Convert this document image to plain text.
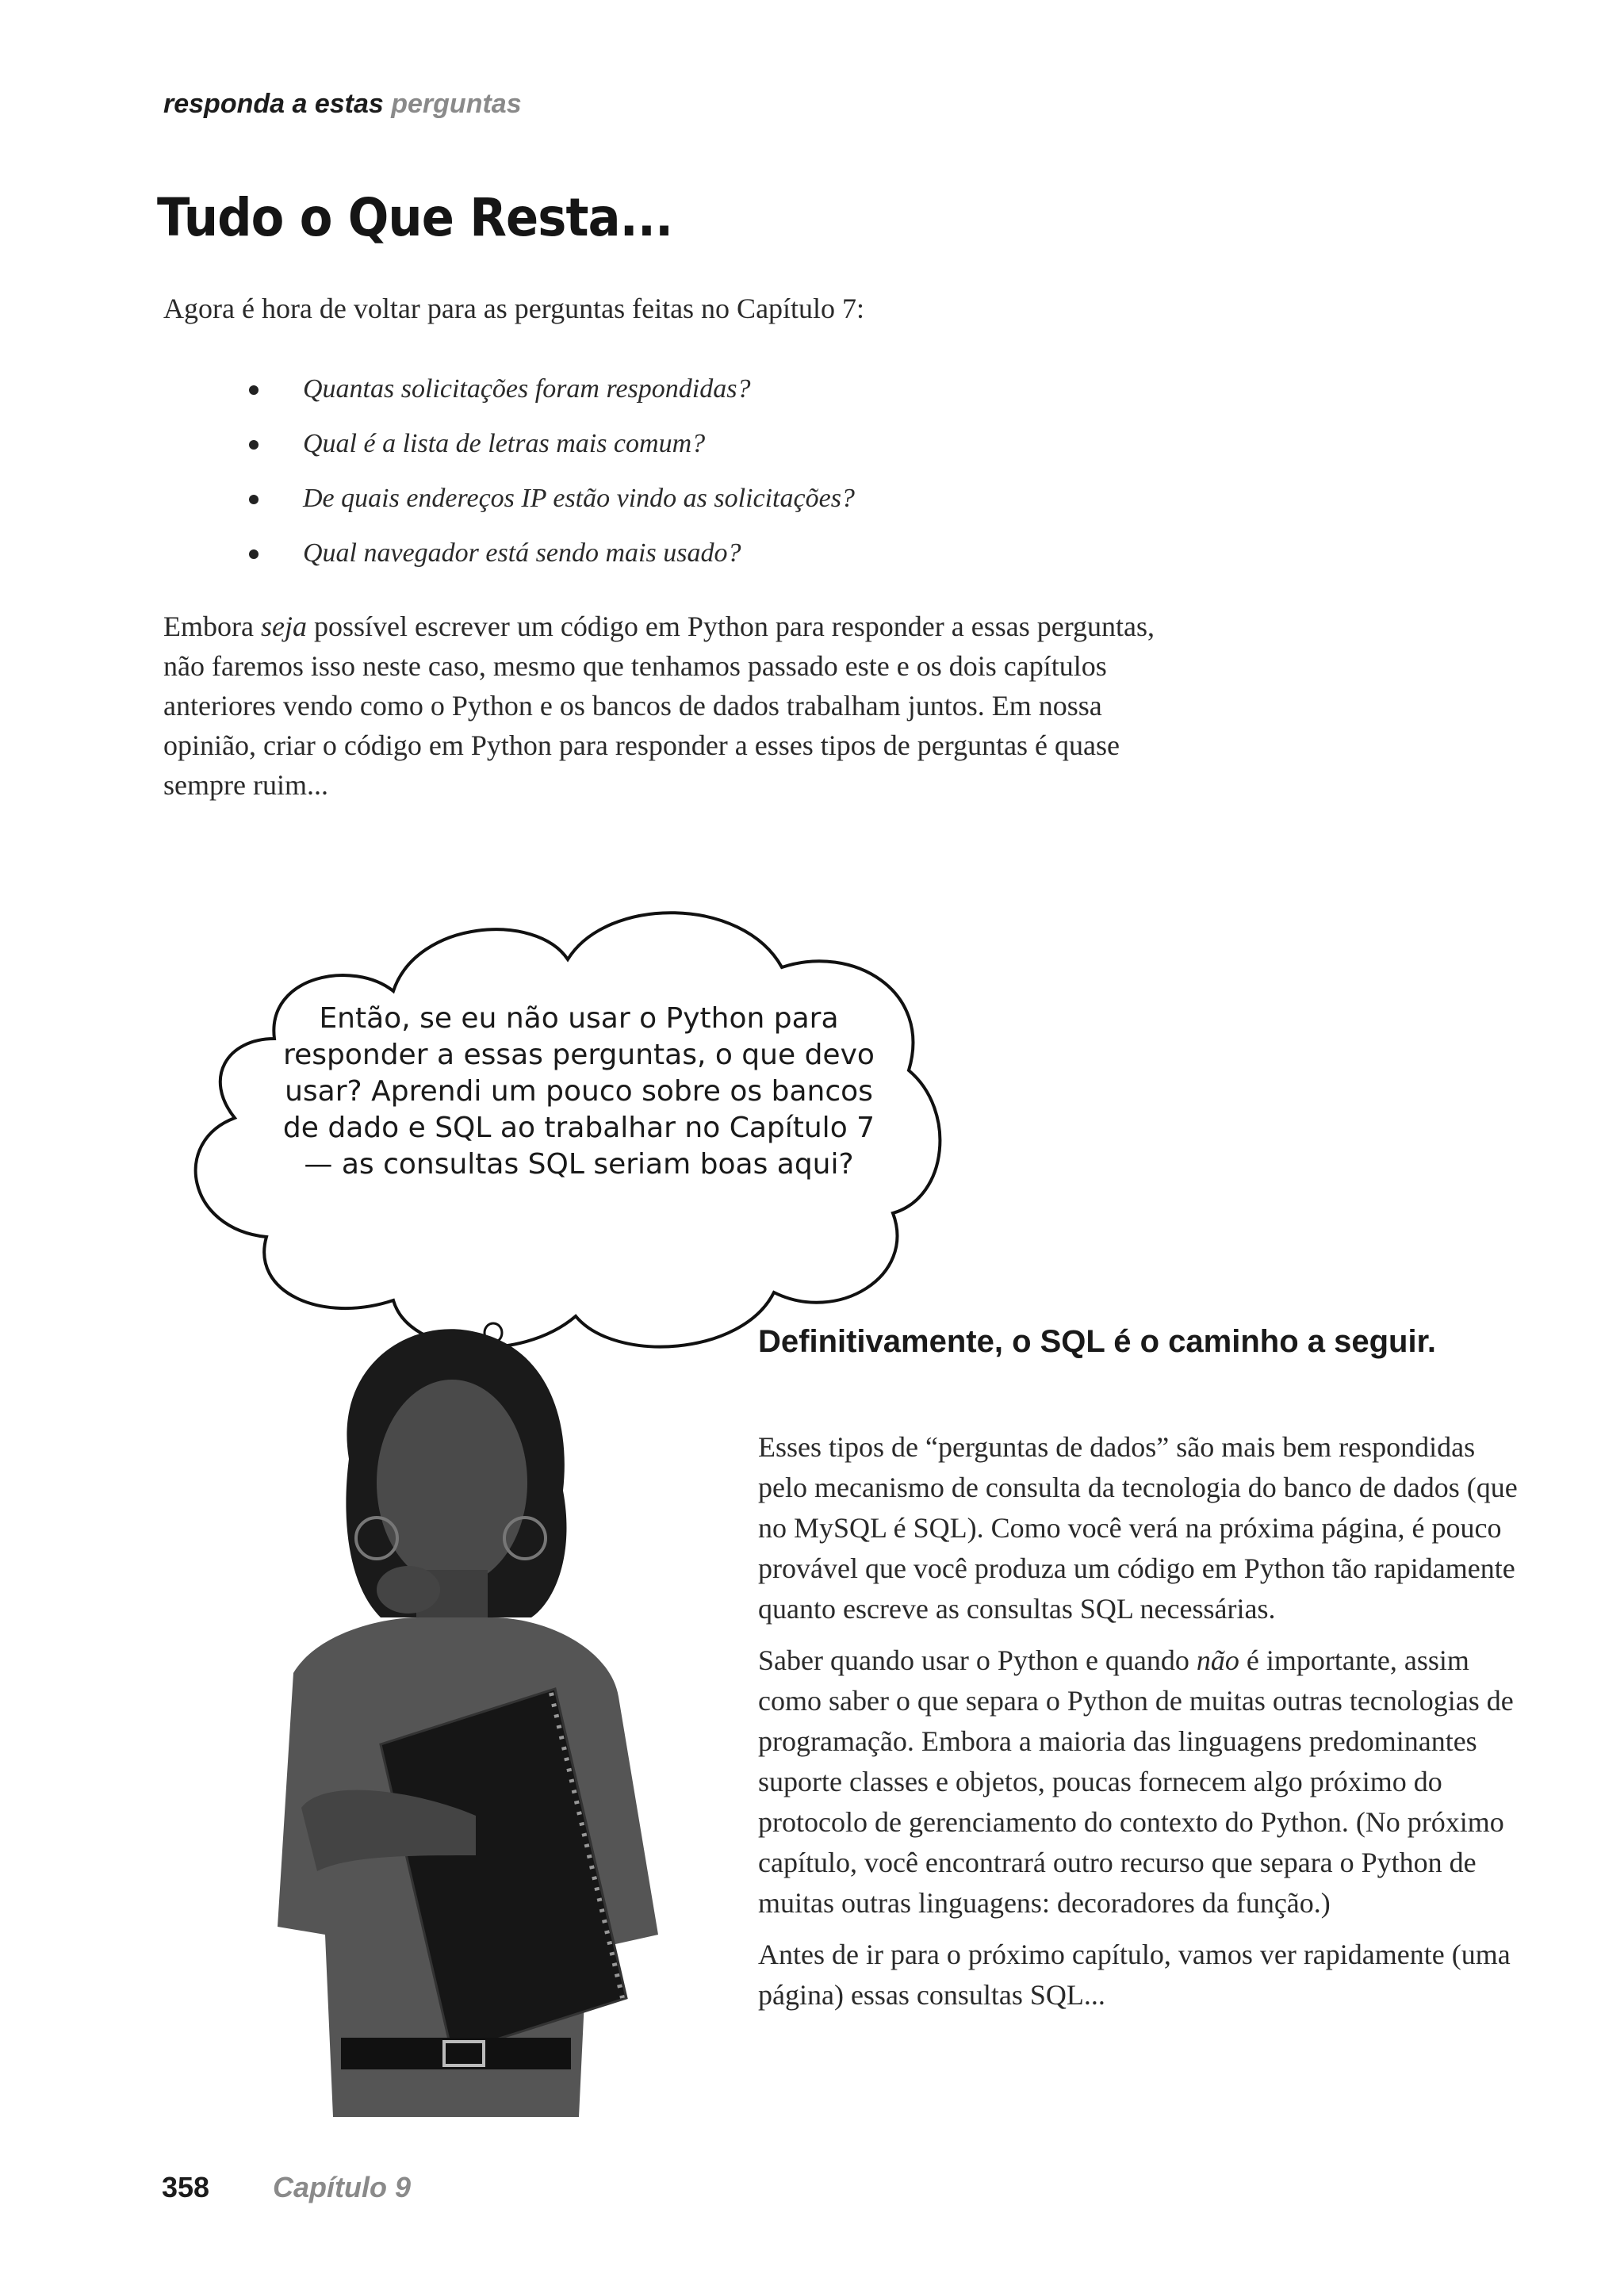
responda a estas perguntas
Tudo o Que Resta...
Agora é hora de voltar para as perguntas feitas no Capítulo 7:
Quantas solicitações foram respondidas?
Qual é a lista de letras mais comum?
De quais endereços IP estão vindo as solicitações?
Qual navegador está sendo mais usado?
Embora seja possível escrever um código em Python para responder a essas perguntas, não faremos isso neste caso, mesmo que tenhamos passado este e os dois capítulos anteriores vendo como o Python e os bancos de dados trabalham juntos. Em nossa opinião, criar o código em Python para responder a esses tipos de perguntas é quase sempre ruim...
Então, se eu não usar o Python para responder a essas perguntas, o que devo usar? Aprendi um pouco sobre os bancos de dado e SQL ao trabalhar no Capítulo 7 — as consultas SQL seriam boas aqui?
Definitivamente, o SQL é o caminho a seguir.

Esses tipos de “perguntas de dados” são mais bem respondidas pelo mecanismo de consulta da tecnologia do banco de dados (que no MySQL é SQL). Como você verá na próxima página, é pouco provável que você produza um código em Python tão rapidamente quanto escreve as consultas SQL necessárias.

Saber quando usar o Python e quando não é importante, assim como saber o que separa o Python de muitas outras tecnologias de programação. Embora a maioria das linguagens predominantes suporte classes e objetos, poucas fornecem algo próximo do protocolo de gerenciamento do contexto do Python. (No próximo capítulo, você encontrará outro recurso que separa o Python de muitas outras linguagens: decoradores da função.)

Antes de ir para o próximo capítulo, vamos ver rapidamente (uma página) essas consultas SQL...

358 Capítulo 9
